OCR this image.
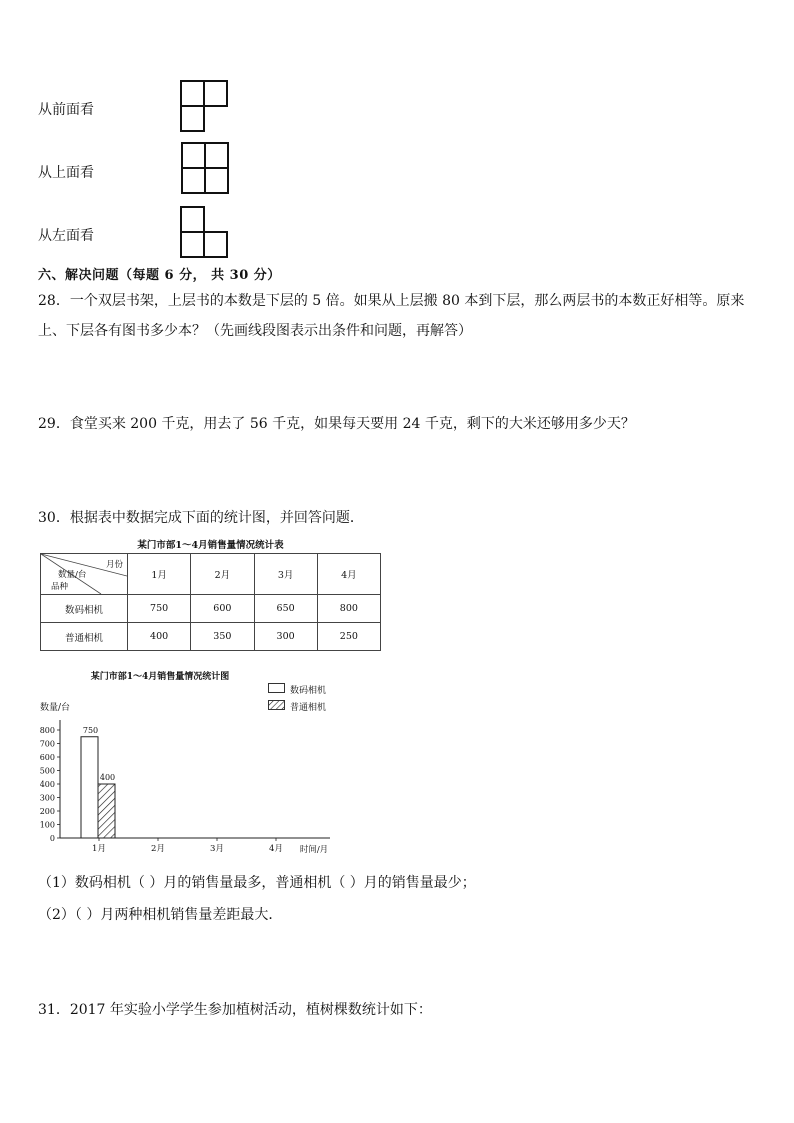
从前面看
从上面看
从左面看
六、解决问题（每题 6 分， 共 30 分）
28．一个双层书架，上层书的本数是下层的 5 倍。如果从上层搬 80 本到下层，那么两层书的本数正好相等。原来上、下层各有图书多少本？（先画线段图表示出条件和问题，再解答）
29．食堂买来 200 千克，用去了 56 千克，如果每天要用 24 千克，剩下的大米还够用多少天？
30．根据表中数据完成下面的统计图，并回答问题．
某门市部1～4月销售量情况统计表
月份
数量/台
品种	1月	2月	3月	4月
数码相机	750	600	650	800
普通相机	400	350	300	250
某门市部1～4月销售量情况统计图
数码相机
普通相机
数量/台
0
100
200
300
400
500
600
700
800
1月	2月	3月	4月 时间/月
750
400
（1）数码相机（ ）月的销售量最多，普通相机（ ）月的销售量最少；
（2）（ ）月两种相机销售量差距最大．
31．2017 年实验小学学生参加植树活动，植树棵数统计如下：
